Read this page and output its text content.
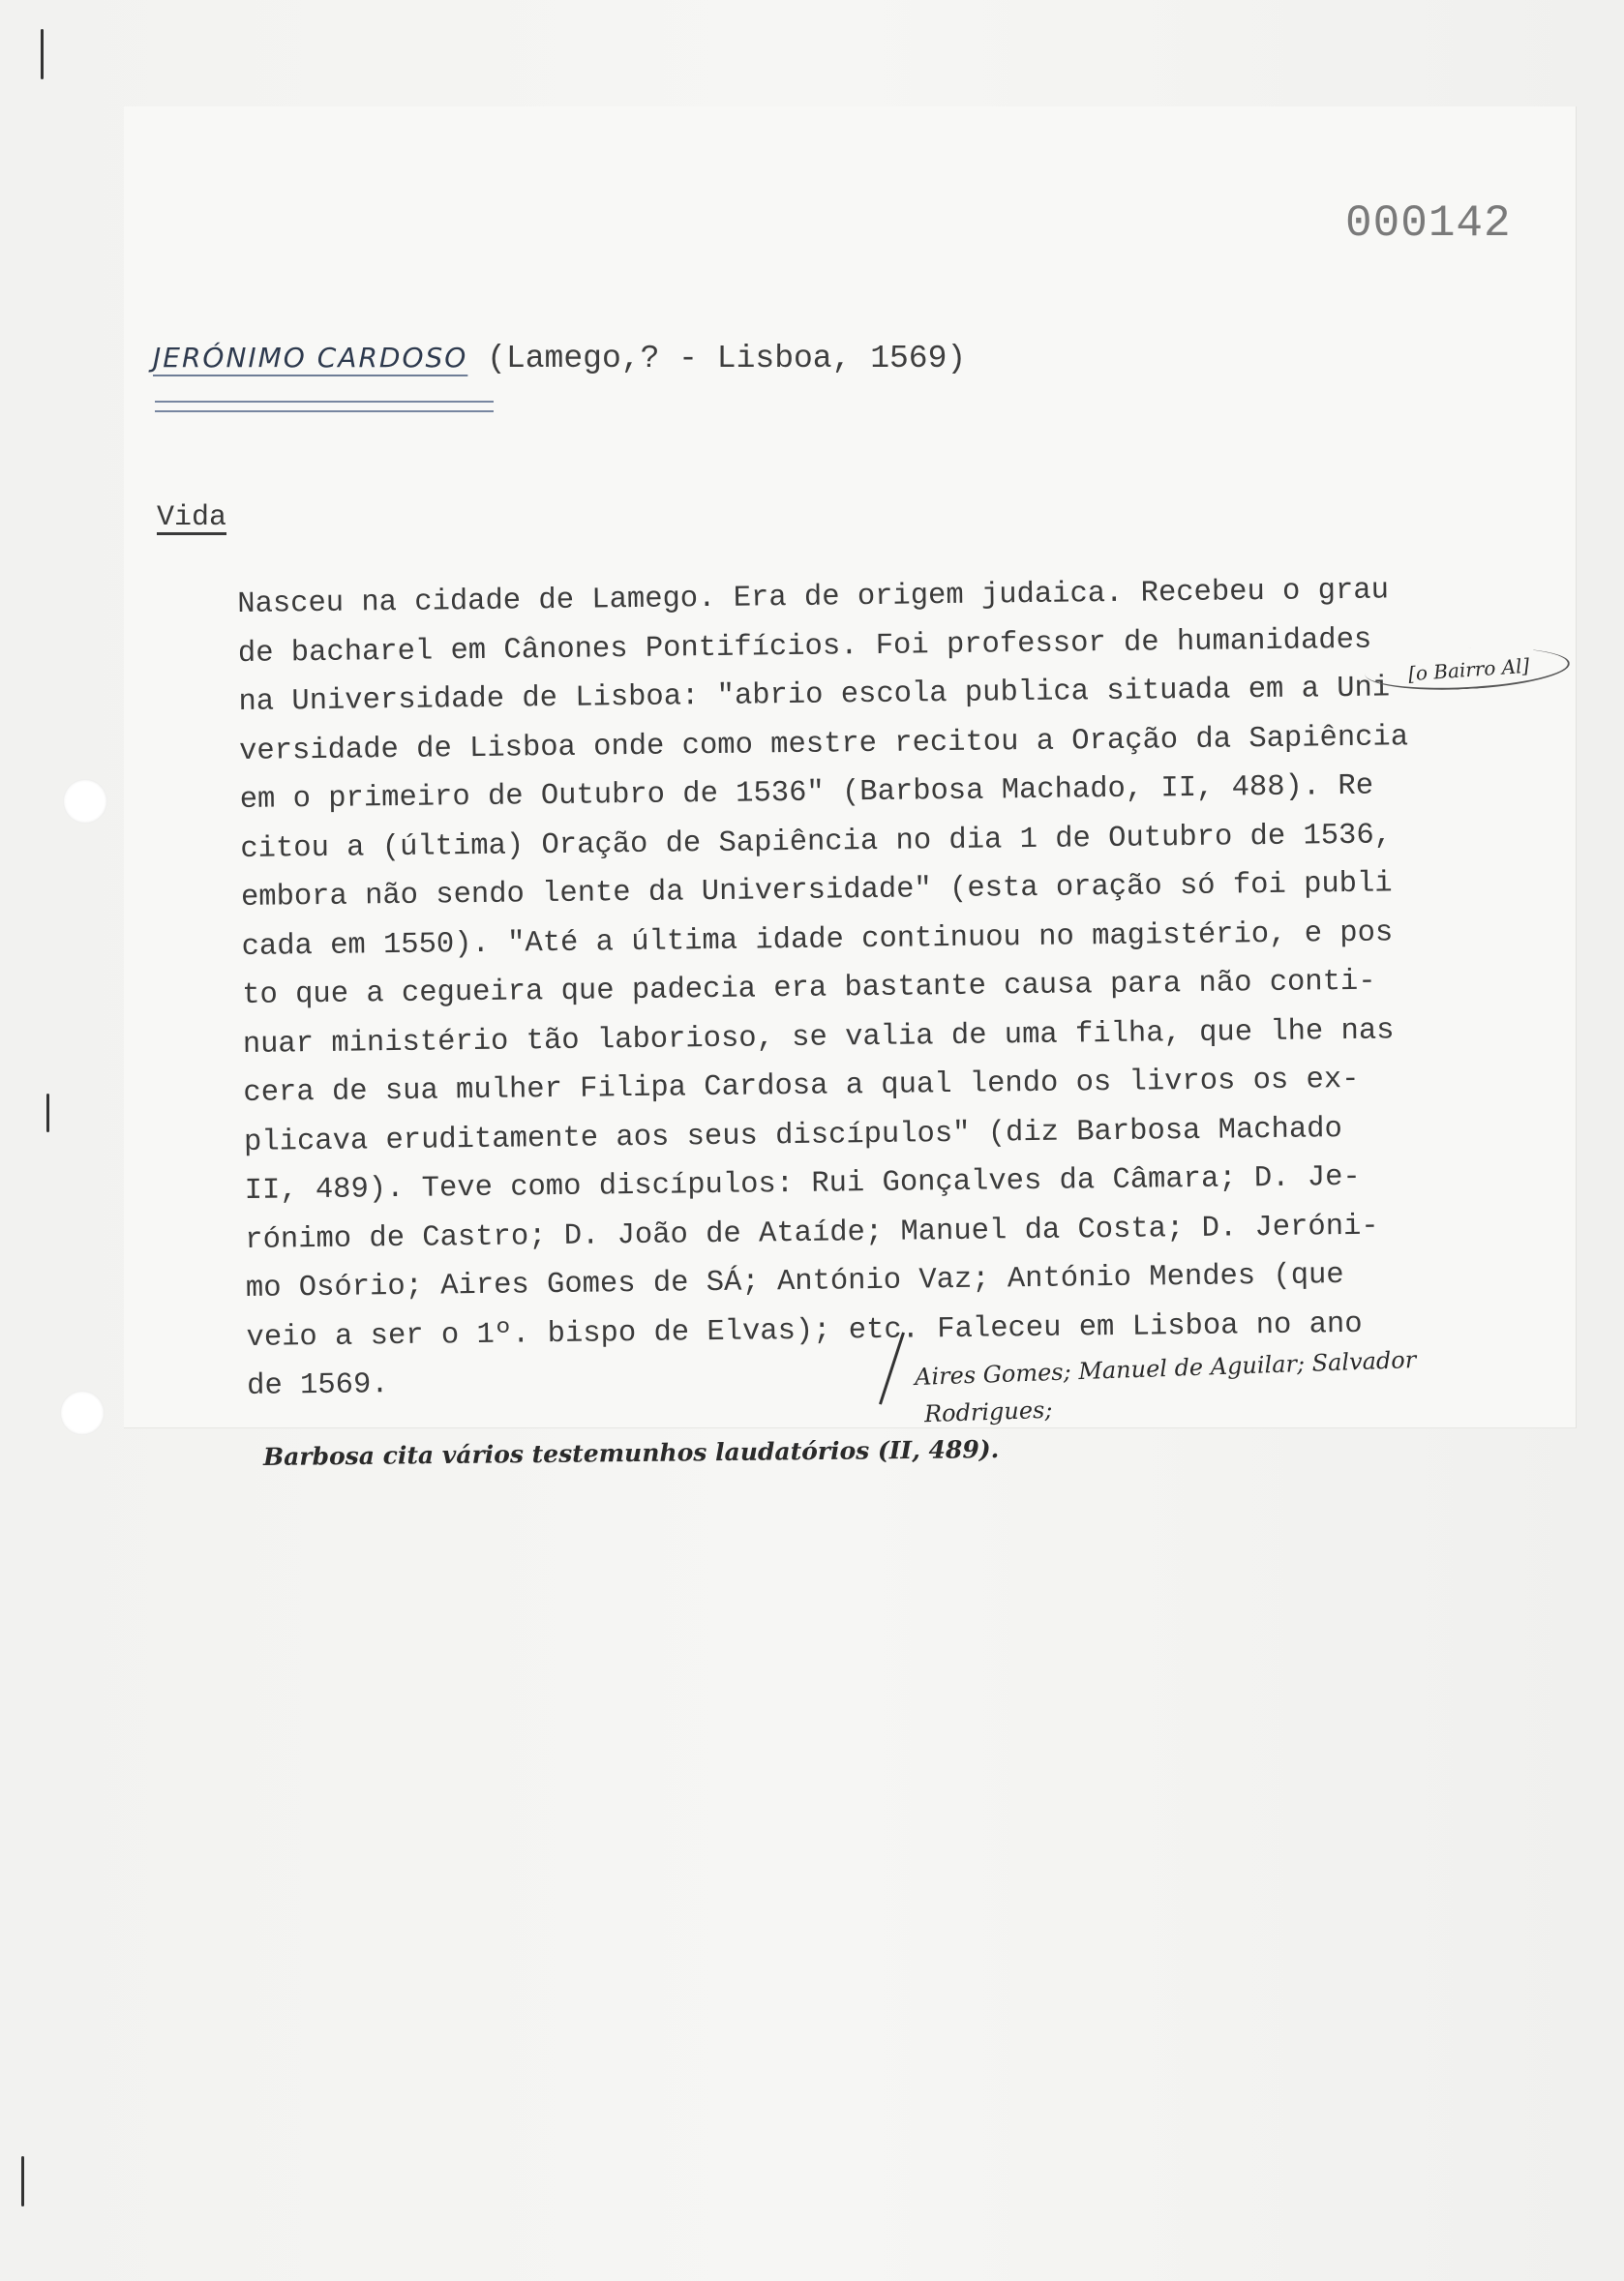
000142
JERÓNIMO CARDOSO (Lamego,? - Lisboa, 1569)
Vida
Nasceu na cidade de Lamego. Era de origem judaica. Recebeu o grau
de bacharel em Cânones Pontifícios. Foi professor de humanidades
na Universidade de Lisboa: "abrio escola publica situada em a Uni
versidade de Lisboa onde como mestre recitou a Oração da Sapiência
em o primeiro de Outubro de 1536" (Barbosa Machado, II, 488). Re
citou a (última) Oração de Sapiência no dia 1 de Outubro de 1536,
embora não sendo lente da Universidade" (esta oração só foi publi
cada em 1550). "Até a última idade continuou no magistério, e pos
to que a cegueira que padecia era bastante causa para não conti-
nuar ministério tão laborioso, se valia de uma filha, que lhe nas
cera de sua mulher Filipa Cardosa a qual lendo os livros os ex-
plicava eruditamente aos seus discípulos" (diz Barbosa Machado
II, 489). Teve como discípulos: Rui Gonçalves da Câmara; D. Je-
rónimo de Castro; D. João de Ataíde; Manuel da Costa; D. Jeróni-
mo Osório; Aires Gomes de SÁ; António Vaz; António Mendes (que
veio a ser o 1º. bispo de Elvas); etc. Faleceu em Lisboa no ano
de 1569.
[o Bairro Al]
Aires Gomes; Manuel de Aguilar; Salvador
Rodrigues;
Barbosa cita vários testemunhos laudatórios (II, 489).
